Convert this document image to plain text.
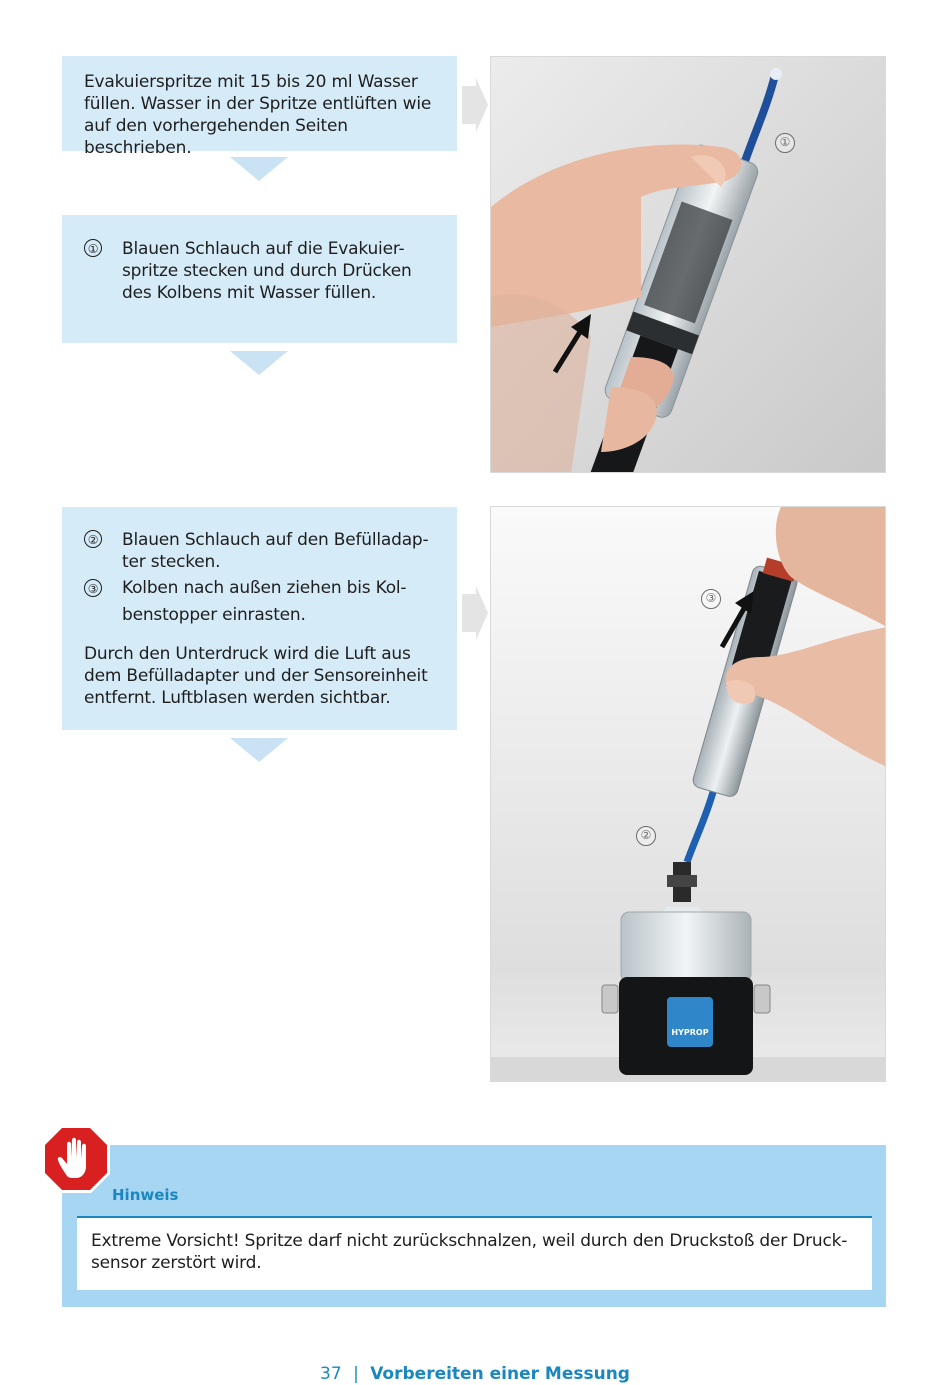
Evakuierspritze mit 15 bis 20 ml Wasser füllen. Wasser in der Spritze entlüften wie auf den vorhergehenden Seiten beschrieben.

① Blauen Schlauch auf die Evakuier-spritze stecken und durch Drücken des Kolbens mit Wasser füllen.
①
② Blauen Schlauch auf den Befülladap-ter stecken.
③ Kolben nach außen ziehen bis Kol-benstopper einrasten.

Durch den Unterdruck wird die Luft aus dem Befülladapter und der Sensoreinheit entfernt. Luftblasen werden sichtbar.

HYPROP
③
②
Hinweis
Extreme Vorsicht! Spritze darf nicht zurückschnalzen, weil durch den Druckstoß der Druck-sensor zerstört wird.
37 | Vorbereiten einer Messung
